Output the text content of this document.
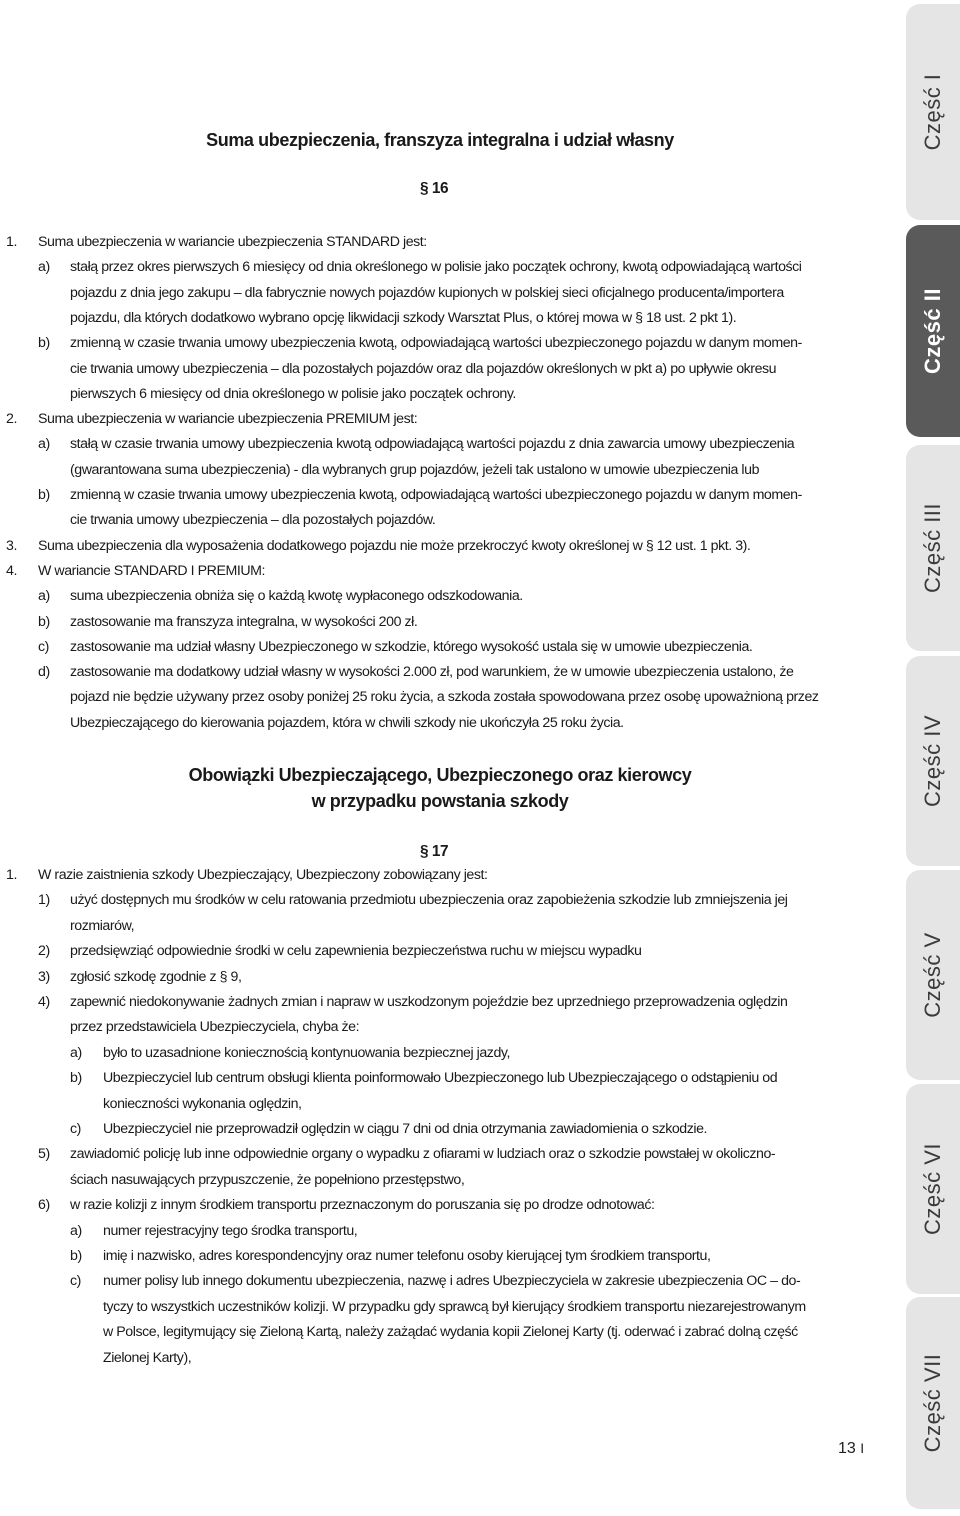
Suma ubezpieczenia, franszyza integralna i udział własny
§ 16
1. Suma ubezpieczenia w wariancie ubezpieczenia STANDARD jest:
a) stałą przez okres pierwszych 6 miesięcy od dnia określonego w polisie jako początek ochrony, kwotą odpowiadającą wartości
pojazdu z dnia jego zakupu – dla fabrycznie nowych pojazdów kupionych w polskiej sieci oficjalnego producenta/importera
pojazdu, dla których dodatkowo wybrano opcję likwidacji szkody Warsztat Plus, o której mowa w § 18 ust. 2 pkt 1).
b) zmienną w czasie trwania umowy ubezpieczenia kwotą, odpowiadającą wartości ubezpieczonego pojazdu w danym momen-
cie trwania umowy ubezpieczenia – dla pozostałych pojazdów oraz dla pojazdów określonych w pkt a) po upływie okresu
pierwszych 6 miesięcy od dnia określonego w polisie jako początek ochrony.
2. Suma ubezpieczenia w wariancie ubezpieczenia PREMIUM jest:
a) stałą w czasie trwania umowy ubezpieczenia kwotą odpowiadającą wartości pojazdu z dnia zawarcia umowy ubezpieczenia
(gwarantowana suma ubezpieczenia) - dla wybranych grup pojazdów, jeżeli tak ustalono w umowie ubezpieczenia lub
b) zmienną w czasie trwania umowy ubezpieczenia kwotą, odpowiadającą wartości ubezpieczonego pojazdu w danym momen-
cie trwania umowy ubezpieczenia – dla pozostałych pojazdów.
3. Suma ubezpieczenia dla wyposażenia dodatkowego pojazdu nie może przekroczyć kwoty określonej w § 12 ust. 1 pkt. 3).
4. W wariancie STANDARD I PREMIUM:
a) suma ubezpieczenia obniża się o każdą kwotę wypłaconego odszkodowania.
b) zastosowanie ma franszyza integralna, w wysokości 200 zł.
c) zastosowanie ma udział własny Ubezpieczonego w szkodzie, którego wysokość ustala się w umowie ubezpieczenia.
d) zastosowanie ma dodatkowy udział własny w wysokości 2.000 zł, pod warunkiem, że w umowie ubezpieczenia ustalono, że
pojazd nie będzie używany przez osoby poniżej 25 roku życia, a szkoda została spowodowana przez osobę upoważnioną przez
Ubezpieczającego do kierowania pojazdem, która w chwili szkody nie ukończyła 25 roku życia.
Obowiązki Ubezpieczającego, Ubezpieczonego oraz kierowcy
w przypadku powstania szkody
§ 17
1. W razie zaistnienia szkody Ubezpieczający, Ubezpieczony zobowiązany jest:
1) użyć dostępnych mu środków w celu ratowania przedmiotu ubezpieczenia oraz zapobieżenia szkodzie lub zmniejszenia jej
rozmiarów,
2) przedsięwziąć odpowiednie środki w celu zapewnienia bezpieczeństwa ruchu w miejscu wypadku
3) zgłosić szkodę zgodnie z § 9,
4) zapewnić niedokonywanie żadnych zmian i napraw w uszkodzonym pojeździe bez uprzedniego przeprowadzenia oględzin
przez przedstawiciela Ubezpieczyciela, chyba że:
a) było to uzasadnione koniecznością kontynuowania bezpiecznej jazdy,
b) Ubezpieczyciel lub centrum obsługi klienta poinformowało Ubezpieczonego lub Ubezpieczającego o odstąpieniu od
konieczności wykonania oględzin,
c) Ubezpieczyciel nie przeprowadził oględzin w ciągu 7 dni od dnia otrzymania zawiadomienia o szkodzie.
5) zawiadomić policję lub inne odpowiednie organy o wypadku z ofiarami w ludziach oraz o szkodzie powstałej w okoliczno-
ściach nasuwających przypuszczenie, że popełniono przestępstwo,
6) w razie kolizji z innym środkiem transportu przeznaczonym do poruszania się po drodze odnotować:
a) numer rejestracyjny tego środka transportu,
b) imię i nazwisko, adres korespondencyjny oraz numer telefonu osoby kierującej tym środkiem transportu,
c) numer polisy lub innego dokumentu ubezpieczenia, nazwę i adres Ubezpieczyciela w zakresie ubezpieczenia OC – do-
tyczy to wszystkich uczestników kolizji. W przypadku gdy sprawcą był kierujący środkiem transportu niezarejestrowanym
w Polsce, legitymujący się Zieloną Kartą, należy zażądać wydania kopii Zielonej Karty (tj. oderwać i zabrać dolną część
Zielonej Karty),
Część I
Część II
Część III
Część IV
Część V
Część VI
Część VII
13 I
